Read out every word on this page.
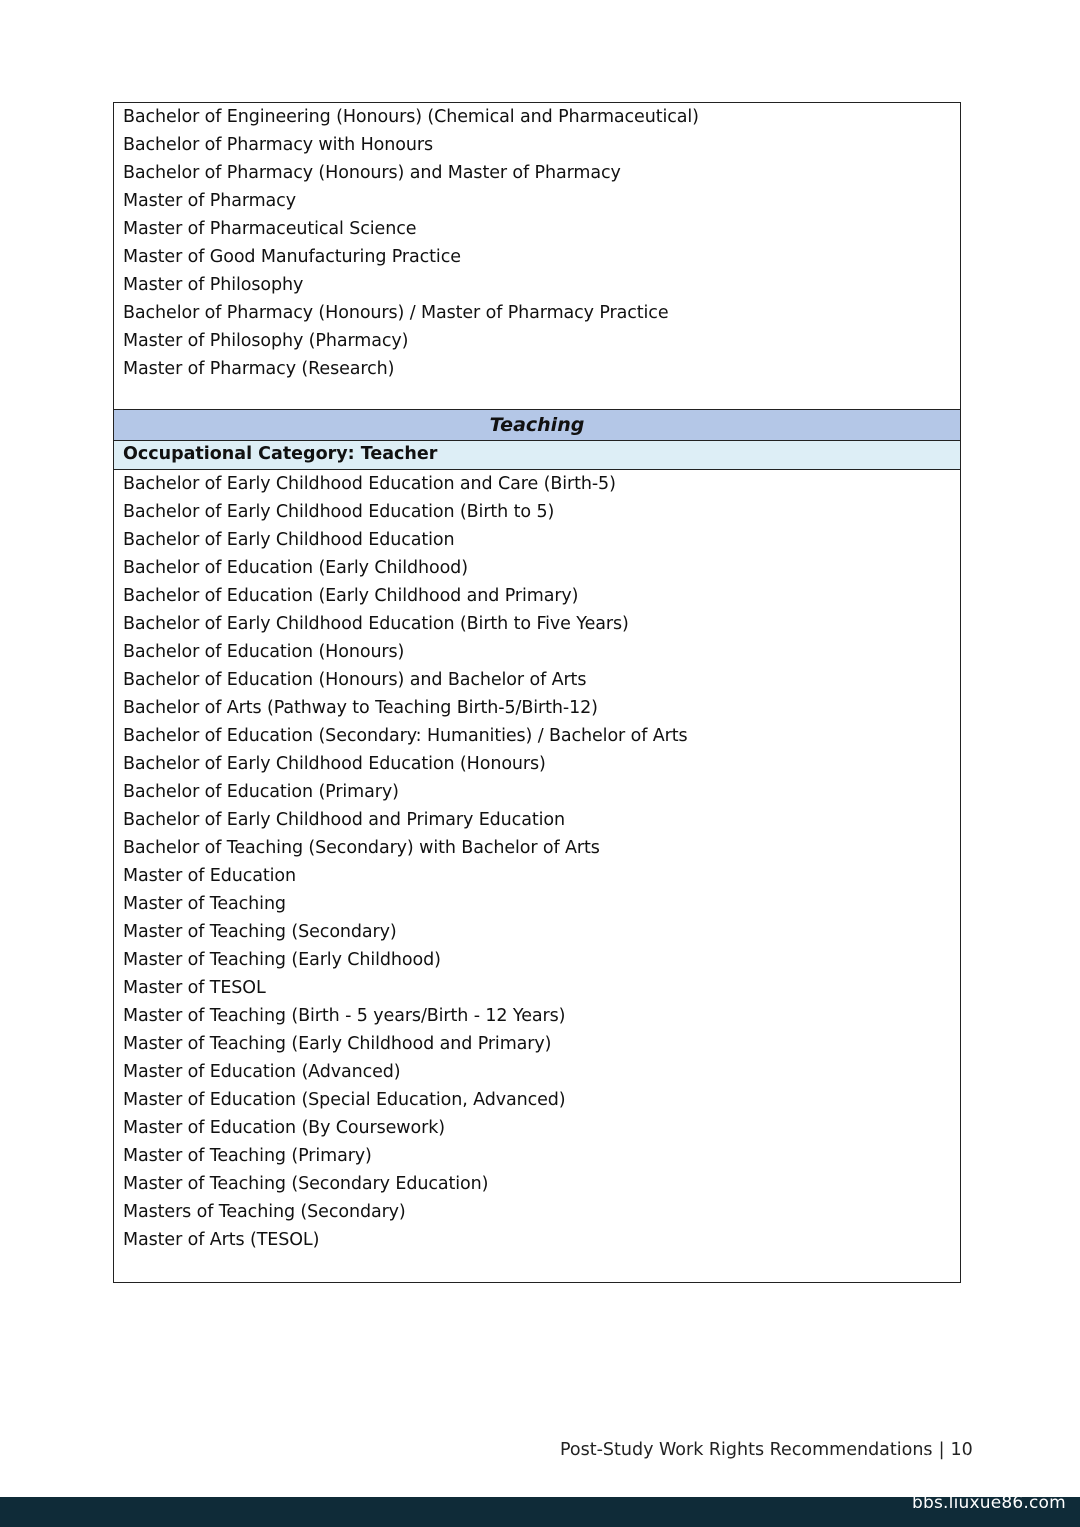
Bachelor of Engineering (Honours) (Chemical and Pharmaceutical)
Bachelor of Pharmacy with Honours
Bachelor of Pharmacy (Honours) and Master of Pharmacy
Master of Pharmacy
Master of Pharmaceutical Science
Master of Good Manufacturing Practice
Master of Philosophy
Bachelor of Pharmacy (Honours) / Master of Pharmacy Practice
Master of Philosophy (Pharmacy)
Master of Pharmacy (Research)
Teaching
Occupational Category: Teacher
Bachelor of Early Childhood Education and Care (Birth-5)
Bachelor of Early Childhood Education (Birth to 5)
Bachelor of Early Childhood Education
Bachelor of Education (Early Childhood)
Bachelor of Education (Early Childhood and Primary)
Bachelor of Early Childhood Education (Birth to Five Years)
Bachelor of Education (Honours)
Bachelor of Education (Honours) and Bachelor of Arts
Bachelor of Arts (Pathway to Teaching Birth-5/Birth-12)
Bachelor of Education (Secondary: Humanities) / Bachelor of Arts
Bachelor of Early Childhood Education (Honours)
Bachelor of Education (Primary)
Bachelor of Early Childhood and Primary Education
Bachelor of Teaching (Secondary) with Bachelor of Arts
Master of Education
Master of Teaching
Master of Teaching (Secondary)
Master of Teaching (Early Childhood)
Master of TESOL
Master of Teaching (Birth - 5 years/Birth - 12 Years)
Master of Teaching (Early Childhood and Primary)
Master of Education (Advanced)
Master of Education (Special Education, Advanced)
Master of Education (By Coursework)
Master of Teaching (Primary)
Master of Teaching (Secondary Education)
Masters of Teaching (Secondary)
Master of Arts (TESOL)
Post-Study Work Rights Recommendations | 10
bbs.liuxue86.com
